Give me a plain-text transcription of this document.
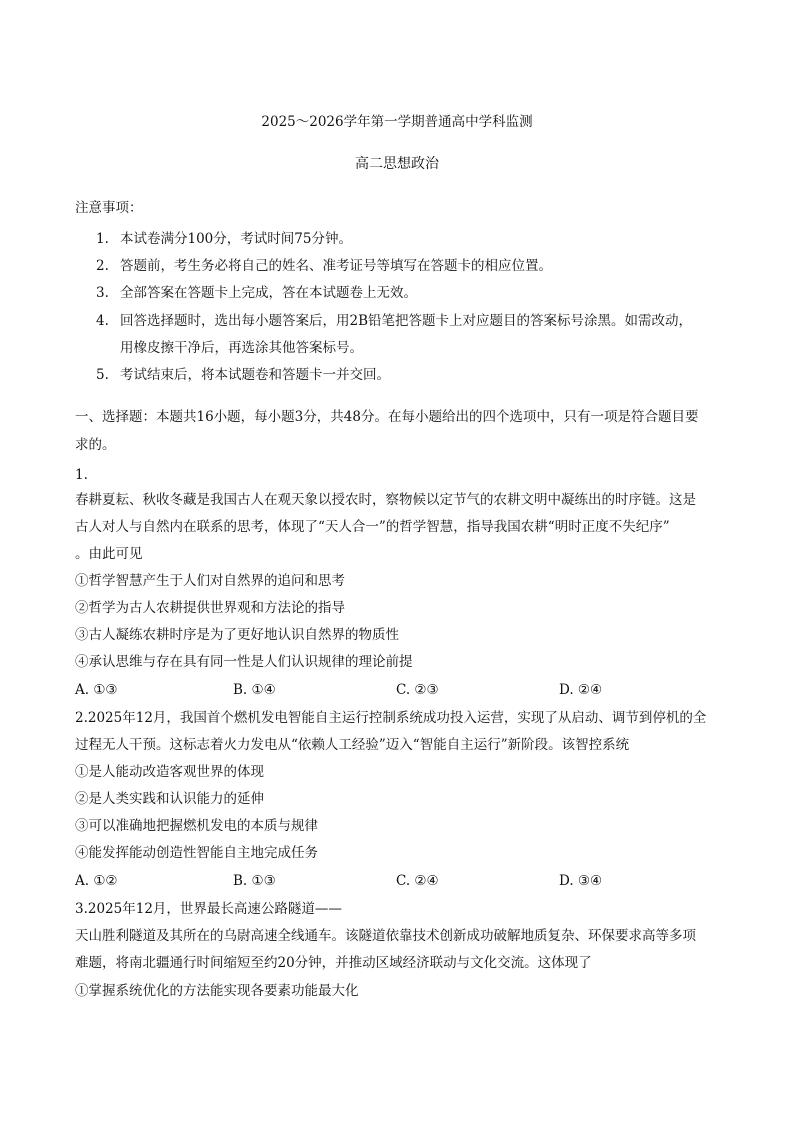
2025～2026学年第一学期普通高中学科监测
高二思想政治
注意事项：
1. 本试卷满分100分，考试时间75分钟。
2. 答题前，考生务必将自己的姓名、准考证号等填写在答题卡的相应位置。
3. 全部答案在答题卡上完成，答在本试题卷上无效。
4. 回答选择题时，选出每小题答案后，用2B铅笔把答题卡上对应题目的答案标号涂黑。如需改动，
用橡皮擦干净后，再选涂其他答案标号。
5. 考试结束后，将本试题卷和答题卡一并交回。
一、选择题：本题共16小题，每小题3分，共48分。在每小题给出的四个选项中，只有一项是符合题目要
求的。
1.
春耕夏耘、秋收冬藏是我国古人在观天象以授农时，察物候以定节气的农耕文明中凝练出的时序链。这是
古人对人与自然内在联系的思考，体现了“天人合一”的哲学智慧，指导我国农耕“明时正度不失纪序”
。由此可见
①哲学智慧产生于人们对自然界的追问和思考
②哲学为古人农耕提供世界观和方法论的指导
③古人凝练农耕时序是为了更好地认识自然界的物质性
④承认思维与存在具有同一性是人们认识规律的理论前提
A. ①③	B. ①④	C. ②③	D. ②④
2.2025年12月，我国首个燃机发电智能自主运行控制系统成功投入运营，实现了从启动、调节到停机的全
过程无人干预。这标志着火力发电从“依赖人工经验”迈入“智能自主运行”新阶段。该智控系统
①是人能动改造客观世界的体现
②是人类实践和认识能力的延伸
③可以准确地把握燃机发电的本质与规律
④能发挥能动创造性智能自主地完成任务
A. ①②	B. ①③	C. ②④	D. ③④
3.2025年12月，世界最长高速公路隧道——
天山胜利隧道及其所在的乌尉高速全线通车。该隧道依靠技术创新成功破解地质复杂、环保要求高等多项
难题，将南北疆通行时间缩短至约20分钟，并推动区域经济联动与文化交流。这体现了
①掌握系统优化的方法能实现各要素功能最大化
